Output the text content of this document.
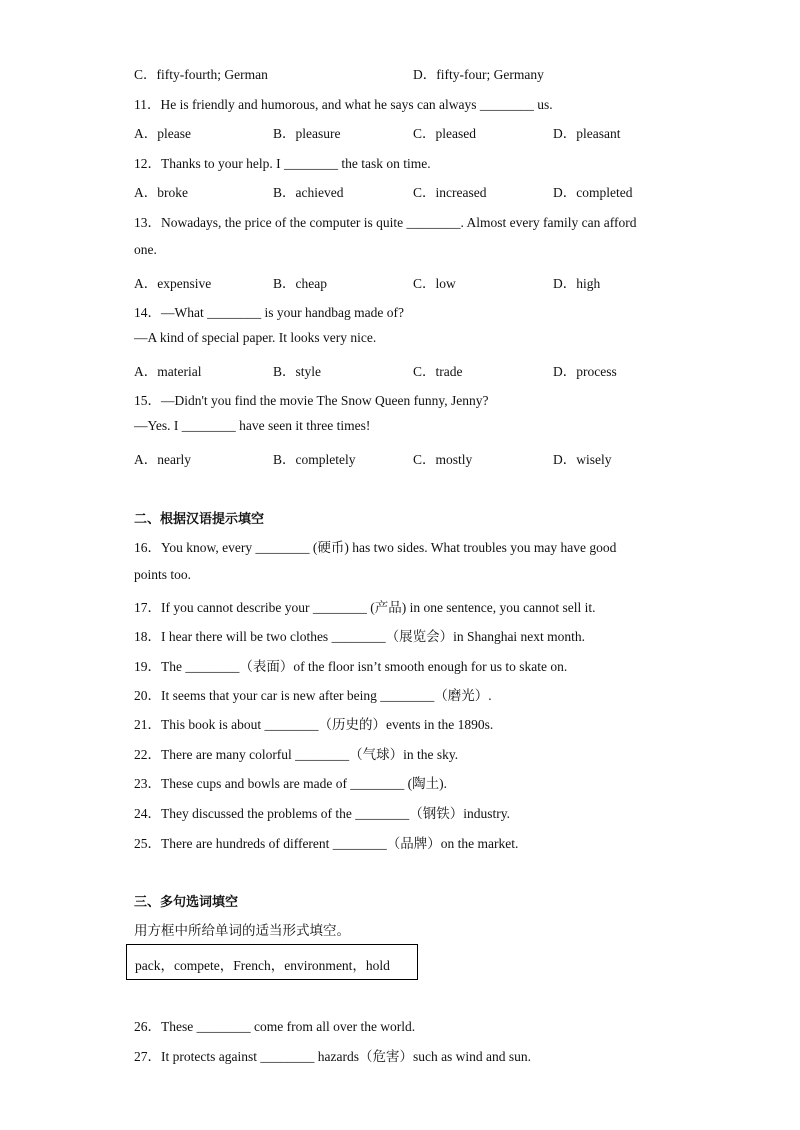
C．fifty-fourth; German	D．fifty-four; Germany
11．He is friendly and humorous, and what he says can always ________ us.
A．please	B．pleasure	C．pleased	D．pleasant
12．Thanks to your help. I ________ the task on time.
A．broke	B．achieved	C．increased	D．completed
13．Nowadays, the price of the computer is quite ________. Almost every family can afford
one.
A．expensive	B．cheap	C．low	D．high
14．—What ________ is your handbag made of?
—A kind of special paper. It looks very nice.
A．material	B．style	C．trade	D．process
15．—Didn't you find the movie The Snow Queen funny, Jenny?
—Yes. I ________ have seen it three times!
A．nearly	B．completely	C．mostly	D．wisely
二、根据汉语提示填空
16．You know, every ________ (硬币) has two sides. What troubles you may have good
points too.
17．If you cannot describe your ________ (产品) in one sentence, you cannot sell it.
18．I hear there will be two clothes ________（展览会）in Shanghai next month.
19．The ________（表面）of the floor isn’t smooth enough for us to skate on.
20．It seems that your car is new after being ________（磨光）.
21．This book is about ________（历史的）events in the 1890s.
22．There are many colorful ________（气球）in the sky.
23．These cups and bowls are made of ________ (陶土).
24．They discussed the problems of the ________（钢铁）industry.
25．There are hundreds of different ________（品牌）on the market.
三、多句选词填空
用方框中所给单词的适当形式填空。
pack，compete，French，environment，hold
26．These ________ come from all over the world.
27．It protects against ________ hazards（危害）such as wind and sun.
